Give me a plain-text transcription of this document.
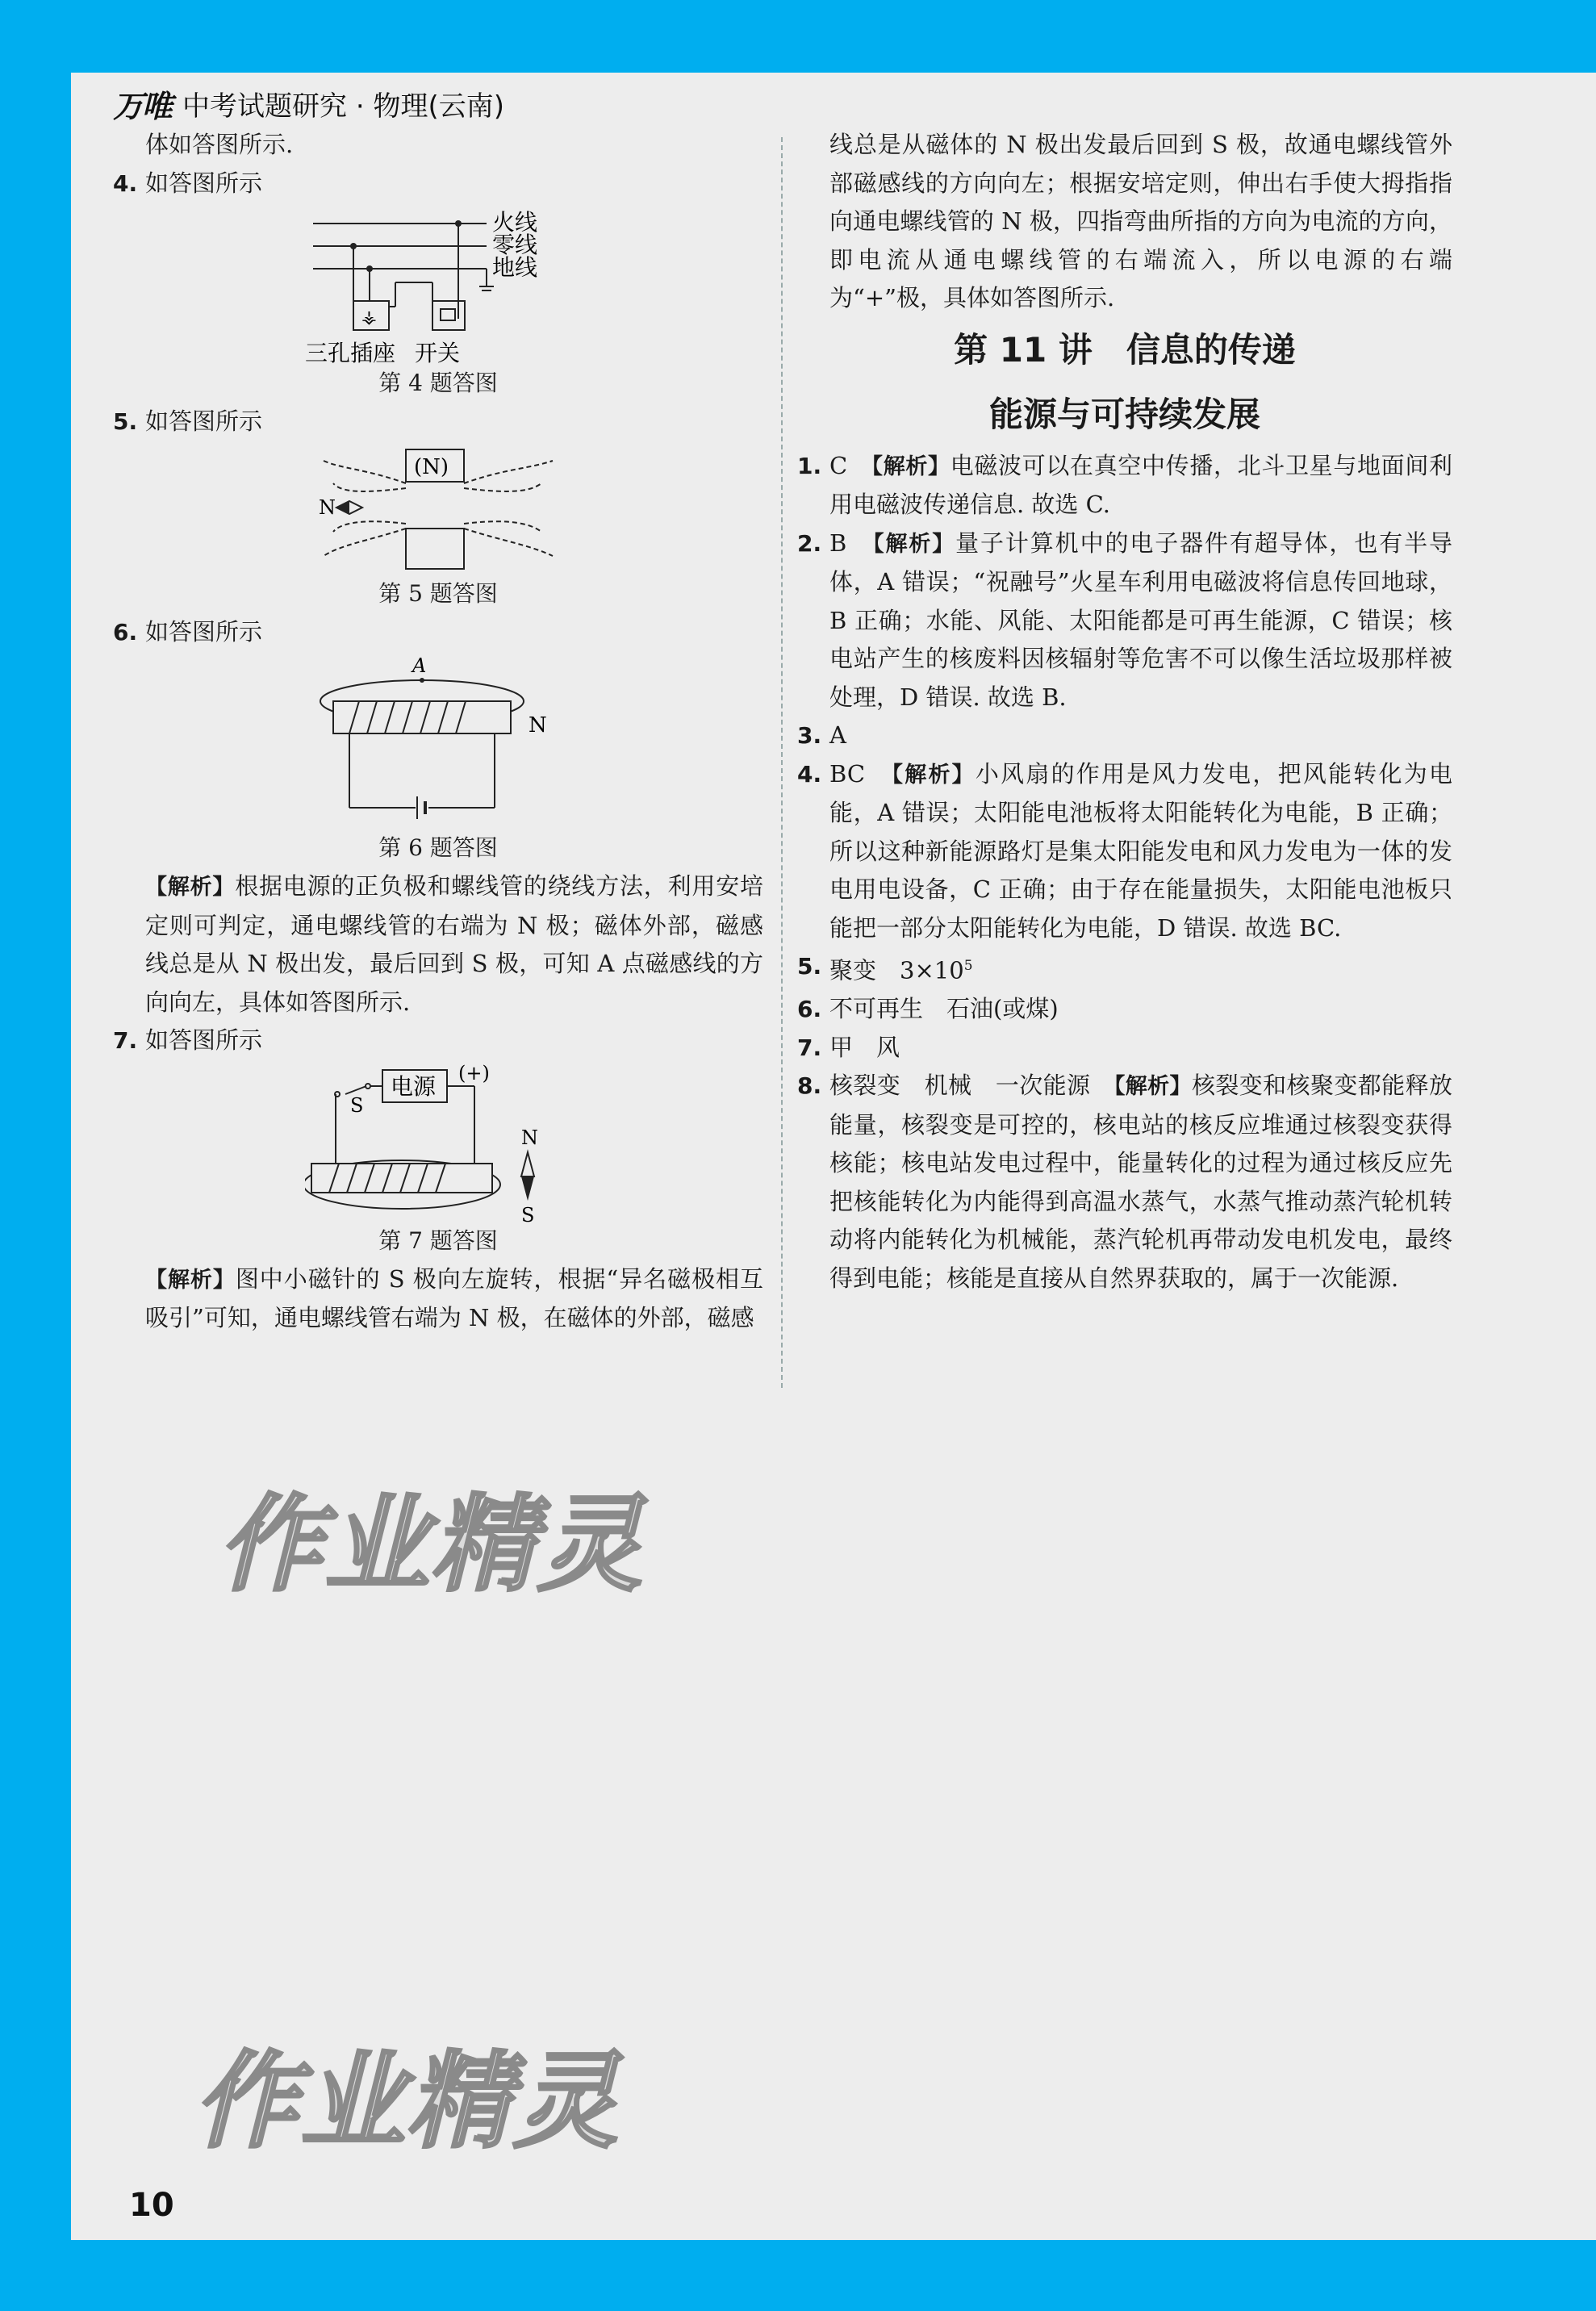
万唯 中考试题研究 · 物理(云南)

体如答图所示.

4. 如答图所示
火线
零线
地线
⚶
三孔插座 开关
第 4 题答图
5. 如答图所示
(N)
N
第 5 题答图
6. 如答图所示
A
N
第 6 题答图

【解析】根据电源的正负极和螺线管的绕线方法，利用安培定则可判定，通电螺线管的右端为 N 极；磁体外部，磁感线总是从 N 极出发，最后回到 S 极，可知 A 点磁感线的方向向左，具体如答图所示.

7. 如答图所示
电源 (+)
S
N
S
第 7 题答图

【解析】图中小磁针的 S 极向左旋转，根据“异名磁极相互吸引”可知，通电螺线管右端为 N 极，在磁体的外部，磁感

线总是从磁体的 N 极出发最后回到 S 极，故通电螺线管外部磁感线的方向向左；根据安培定则，伸出右手使大拇指指向通电螺线管的 N 极，四指弯曲所指的方向为电流的方向，即电流从通电螺线管的右端流入，所以电源的右端为“+”极，具体如答图所示.

第 11 讲　信息的传递
能源与可持续发展
1. C　 【解析】电磁波可以在真空中传播，北斗卫星与地面间利用电磁波传递信息. 故选 C.
2. B　 【解析】量子计算机中的电子器件有超导体，也有半导体，A 错误；“祝融号”火星车利用电磁波将信息传回地球，B 正确；水能、风能、太阳能都是可再生能源，C 错误；核电站产生的核废料因核辐射等危害不可以像生活垃圾那样被处理，D 错误. 故选 B.
3. A
4. BC　 【解析】小风扇的作用是风力发电，把风能转化为电能，A 错误；太阳能电池板将太阳能转化为电能，B 正确；所以这种新能源路灯是集太阳能发电和风力发电为一体的发电用电设备，C 正确；由于存在能量损失，太阳能电池板只能把一部分太阳能转化为电能，D 错误. 故选 BC.
5. 聚变　 $3\times 10^5$
6. 不可再生　石油(或煤)
7. 甲　风
8. 核裂变　机械　一次能源　 【解析】核裂变和核聚变都能释放能量，核裂变是可控的，核电站的核反应堆通过核裂变获得核能；核电站发电过程中，能量转化的过程为通过核反应先把核能转化为内能得到高温水蒸气，水蒸气推动蒸汽轮机转动将内能转化为机械能，蒸汽轮机再带动发电机发电，最终得到电能；核能是直接从自然界获取的，属于一次能源.
作业精灵
作业精灵
10
